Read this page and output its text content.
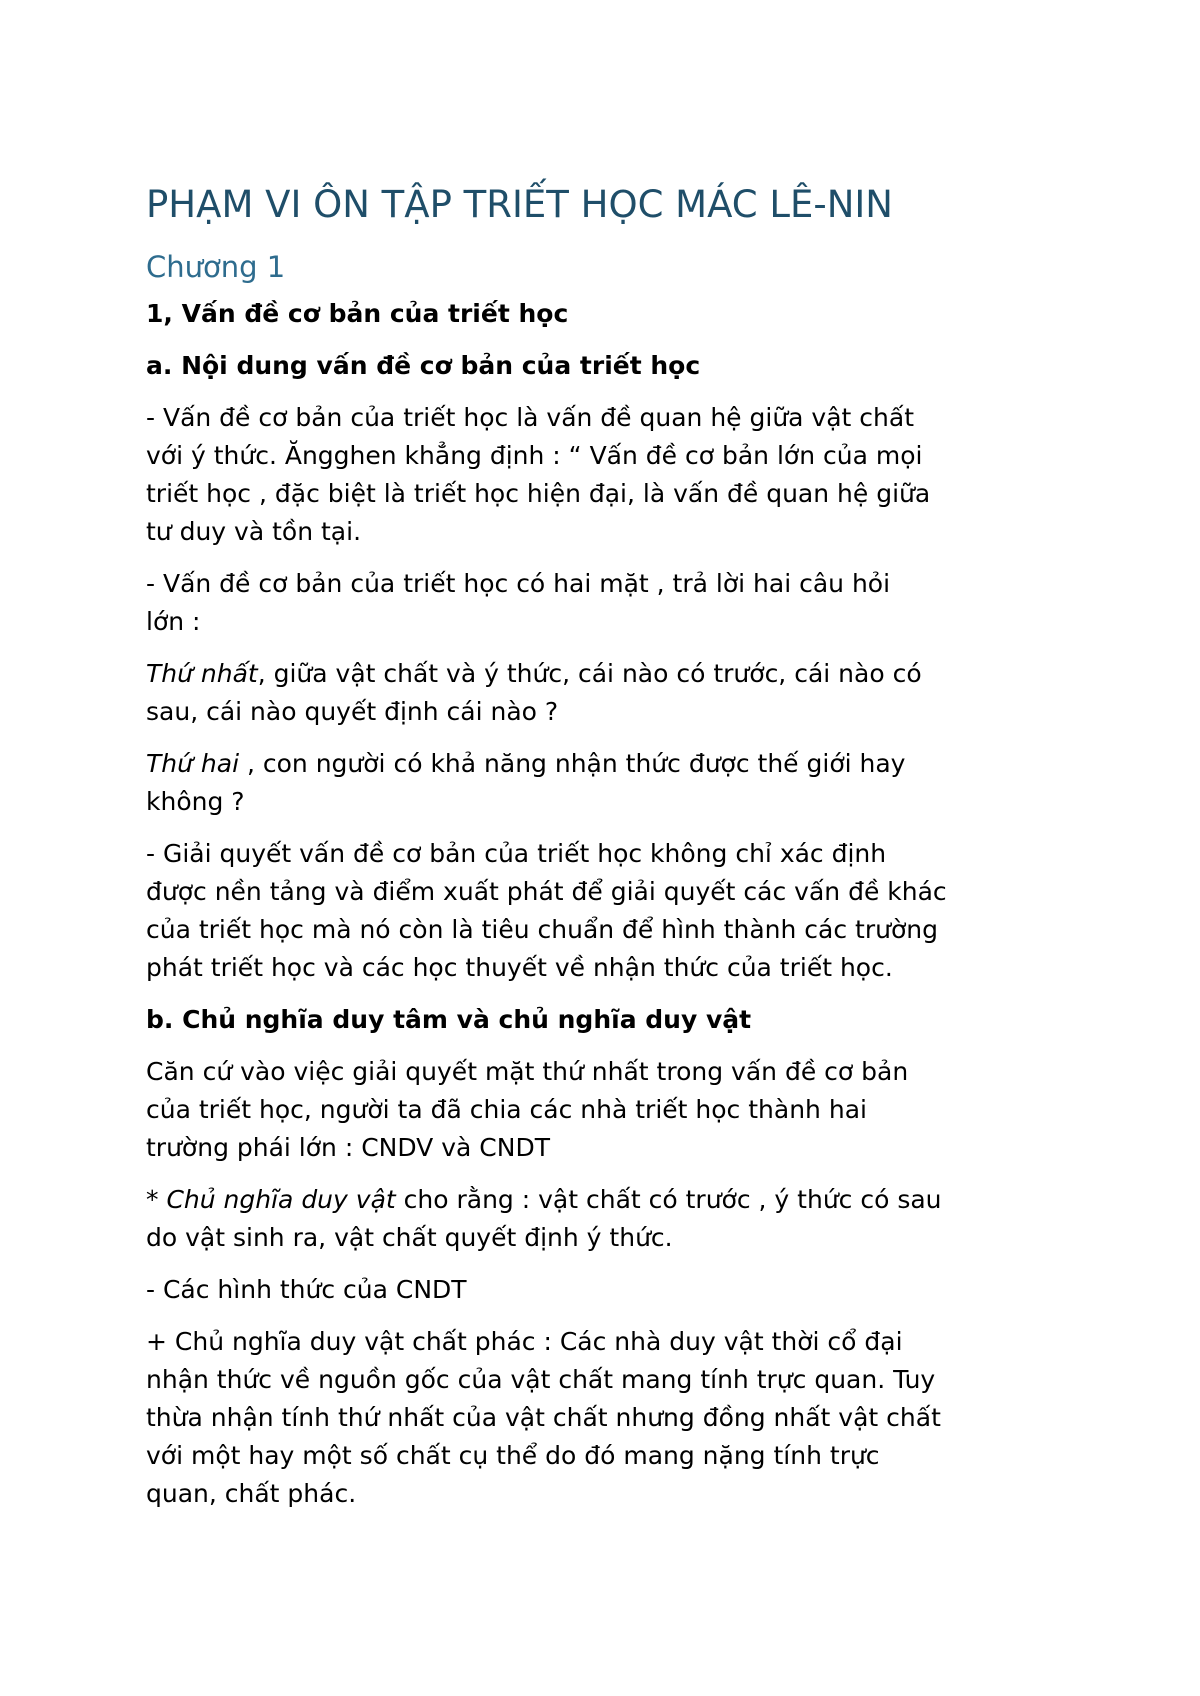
PHẠM VI ÔN TẬP TRIẾT HỌC MÁC LÊ-NIN
Chương 1
1, Vấn đề cơ bản của triết học
a. Nội dung vấn đề cơ bản của triết học

- Vấn đề cơ bản của triết học là vấn đề quan hệ giữa vật chất
với ý thức. Ăngghen khẳng định : “ Vấn đề cơ bản lớn của mọi
triết học , đặc biệt là triết học hiện đại, là vấn đề quan hệ giữa
tư duy và tồn tại.

- Vấn đề cơ bản của triết học có hai mặt , trả lời hai câu hỏi
lớn :

Thứ nhất, giữa vật chất và ý thức, cái nào có trước, cái nào có
sau, cái nào quyết định cái nào ?

Thứ hai , con người có khả năng nhận thức được thế giới hay
không ?

- Giải quyết vấn đề cơ bản của triết học không chỉ xác định
được nền tảng và điểm xuất phát để giải quyết các vấn đề khác
của triết học mà nó còn là tiêu chuẩn để hình thành các trường
phát triết học và các học thuyết về nhận thức của triết học.

b. Chủ nghĩa duy tâm và chủ nghĩa duy vật

Căn cứ vào việc giải quyết mặt thứ nhất trong vấn đề cơ bản
của triết học, người ta đã chia các nhà triết học thành hai
trường phái lớn : CNDV và CNDT

* Chủ nghĩa duy vật cho rằng : vật chất có trước , ý thức có sau
do vật sinh ra, vật chất quyết định ý thức.

- Các hình thức của CNDT

+ Chủ nghĩa duy vật chất phác : Các nhà duy vật thời cổ đại
nhận thức về nguồn gốc của vật chất mang tính trực quan. Tuy
thừa nhận tính thứ nhất của vật chất nhưng đồng nhất vật chất
với một hay một số chất cụ thể do đó mang nặng tính trực
quan, chất phác.
